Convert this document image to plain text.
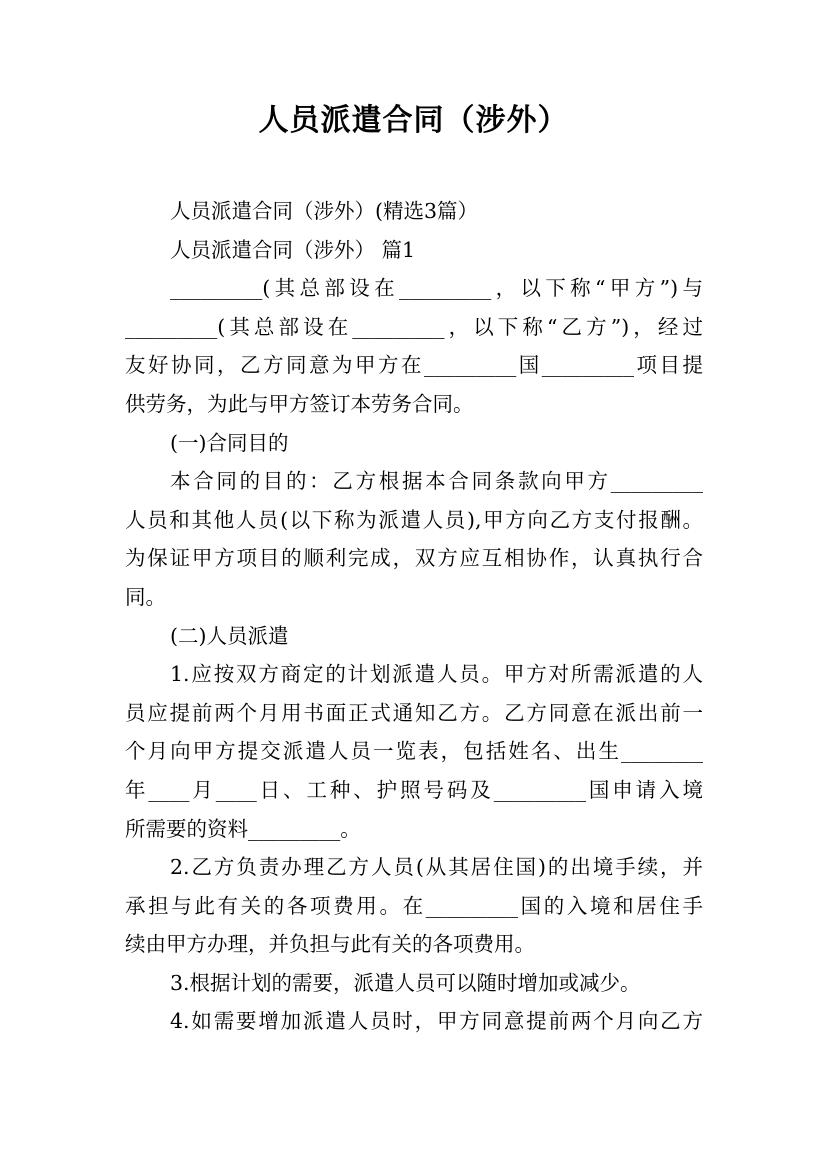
人员派遣合同（涉外）
人员派遣合同（涉外）(精选3篇）
人员派遣合同（涉外） 篇1
_________(其总部设在_________，以下称“甲方”)与
_________(其总部设在_________，以下称“乙方”)，经过
友好协同，乙方同意为甲方在_________国_________项目提
供劳务，为此与甲方签订本劳务合同。
(一)合同目的
本合同的目的：乙方根据本合同条款向甲方_________
人员和其他人员(以下称为派遣人员),甲方向乙方支付报酬。
为保证甲方项目的顺利完成，双方应互相协作，认真执行合
同。
(二)人员派遣
1.应按双方商定的计划派遣人员。甲方对所需派遣的人
员应提前两个月用书面正式通知乙方。乙方同意在派出前一
个月向甲方提交派遣人员一览表，包括姓名、出生________
年____月____日、工种、护照号码及_________国申请入境
所需要的资料_________。
2.乙方负责办理乙方人员(从其居住国)的出境手续，并
承担与此有关的各项费用。在_________国的入境和居住手
续由甲方办理，并负担与此有关的各项费用。
3.根据计划的需要，派遣人员可以随时增加或减少。
4.如需要增加派遣人员时，甲方同意提前两个月向乙方
